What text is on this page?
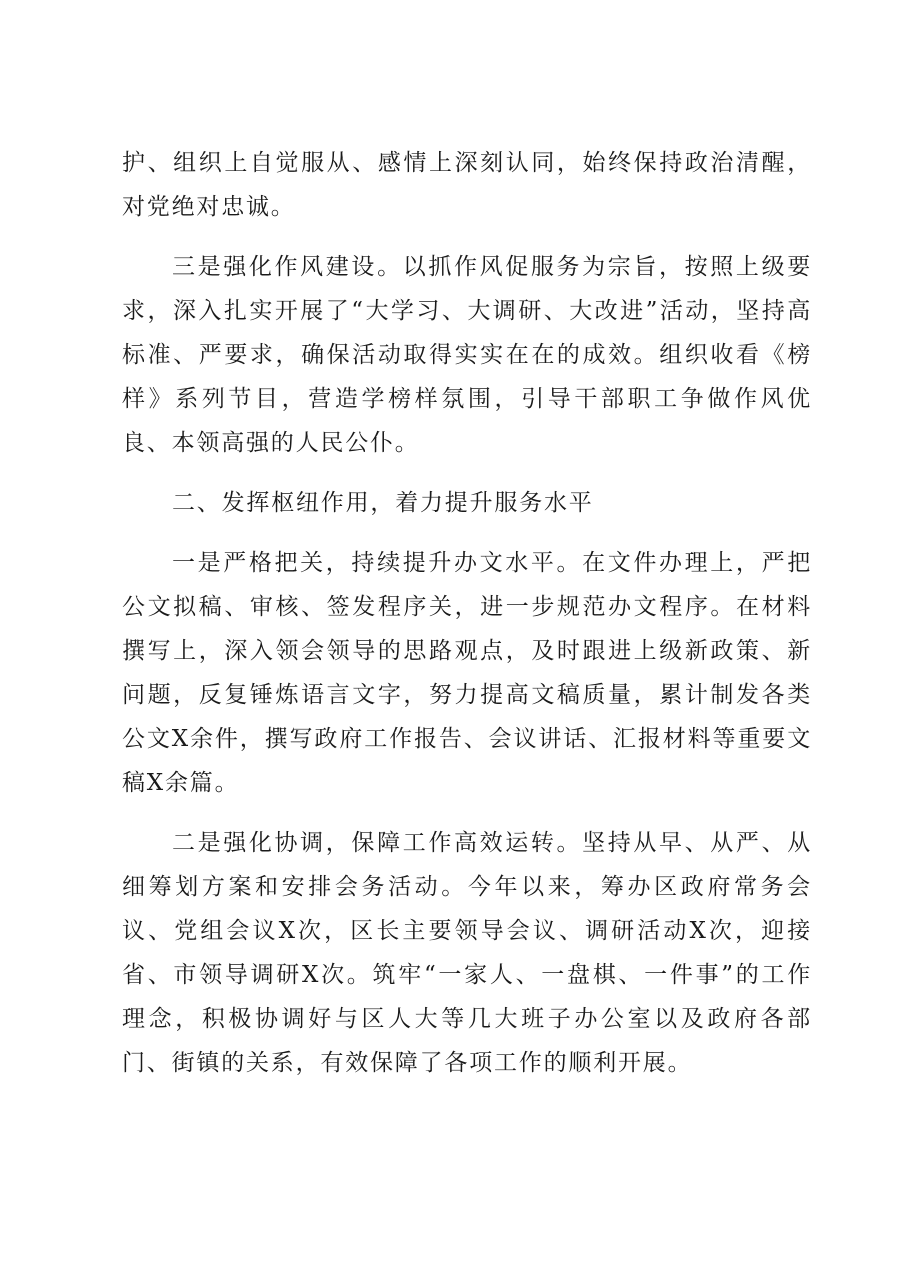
护、组织上自觉服从、感情上深刻认同，始终保持政治清醒，对党绝对忠诚。

三是强化作风建设。以抓作风促服务为宗旨，按照上级要求，深入扎实开展了“大学习、大调研、大改进”活动，坚持高标准、严要求，确保活动取得实实在在的成效。组织收看《榜样》系列节目，营造学榜样氛围，引导干部职工争做作风优良、本领高强的人民公仆。

二、发挥枢纽作用，着力提升服务水平

一是严格把关，持续提升办文水平。在文件办理上，严把公文拟稿、审核、签发程序关，进一步规范办文程序。在材料撰写上，深入领会领导的思路观点，及时跟进上级新政策、新问题，反复锤炼语言文字，努力提高文稿质量，累计制发各类公文X余件，撰写政府工作报告、会议讲话、汇报材料等重要文稿X余篇。

二是强化协调，保障工作高效运转。坚持从早、从严、从细筹划方案和安排会务活动。今年以来，筹办区政府常务会议、党组会议X次，区长主要领导会议、调研活动X次，迎接省、市领导调研X次。筑牢“一家人、一盘棋、一件事”的工作理念，积极协调好与区人大等几大班子办公室以及政府各部门、街镇的关系，有效保障了各项工作的顺利开展。
